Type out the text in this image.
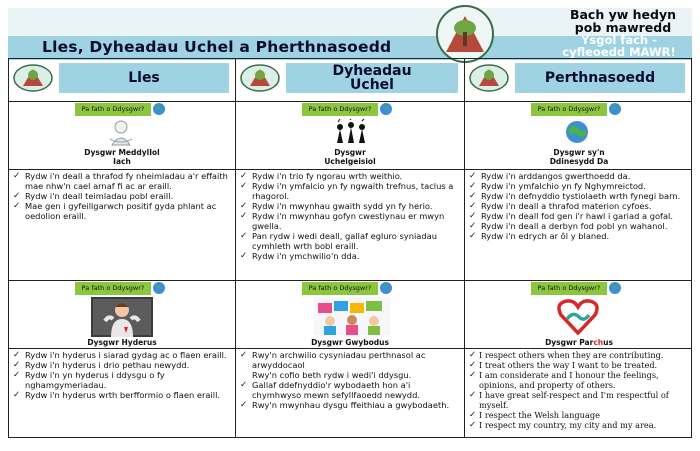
Lles, Dyheadau Uchel a Pherthnasoedd
Bach yw hedyn
pob mawredd
Ysgol fach -
cyfleoedd MAWR!
Lles	Dyheadau
Uchel	Perthnasoedd
Pa fath o Ddysgwr?
Dysgwr MeddylIol
Iach
Pa fath o Ddysgwr?
Dysgwr
Uchelgeisiol
Pa fath o Ddysgwr?
Dysgwr sy'n
Ddinesydd Da
✓ Rydw i'n deall a thrafod fy nheimladau a'r effaith mae nhw'n cael arnaf fi ac ar eraill.
✓ Rydw i'n deall teimladau pobl eraill.
✓ Mae gen i gyfeillgarwch positif gyda phlant ac oedolion eraill.
✓ Rydw i'n trio fy ngorau wrth weithio.
✓ Rydw i'n ymfalcio yn fy ngwaith trefnus, taclus a rhagorol.
✓ Rydw i'n mwynhau gwaith sydd yn fy herio.
✓ Rydw i'n mwynhau gofyn cwestiynau er mwyn gwella.
✓ Pan rydw i wedi deall, gallaf egluro syniadau cymhleth wrth bobl eraill.
✓ Rydw i'n ymchwilio'n dda.
✓ Rydw i'n arddangos gwerthoedd da.
✓ Rydw i'n ymfalchio yn fy Nghymreictod.
✓ Rydw i'n defnyddio tystiolaeth wrth fynegi barn.
✓ Rydw i'n deall a thrafod materion cyfoes.
✓ Rydw i'n deall fod gen i'r hawl i gariad a gofal.
✓ Rydw i'n deall a derbyn fod pobl yn wahanol.
✓ Rydw i'n edrych ar ôl y blaned.
Pa fath o Ddysgwr?
Dysgwr Hyderus
Pa fath o Ddysgwr?
Dysgwr Gwybodus
Pa fath o Ddysgwr?
Dysgwr Parchus
✓ Rydw i'n hyderus i siarad gydag ac o flaen eraill.
✓ Rydw i'n hyderus i drio pethau newydd.
✓ Rydw i'n yn hyderus i ddysgu o fy nghamgymeriadau.
✓ Rydw i'n hyderus wrth berfformio o flaen eraill.
✓ Rwy'n archwilio cysyniadau perthnasol ac arwyddocaol
Rwy'n cofio beth rydw i wedi'i ddysgu.
✓ Gallaf ddefnyddio'r wybodaeth hon a'i chymhwyso mewn sefyllfaoedd newydd.
✓ Rwy'n mwynhau dysgu ffeithiau a gwybodaeth.
✓ I respect others when they are contributing.
✓ I treat others the way I want to be treated.
✓ I am considerate and I honour the feelings, opinions, and property of others.
✓ I have great self-respect and I'm respectful of myself.
✓ I respect the Welsh language
✓ I respect my country, my city and my area.
